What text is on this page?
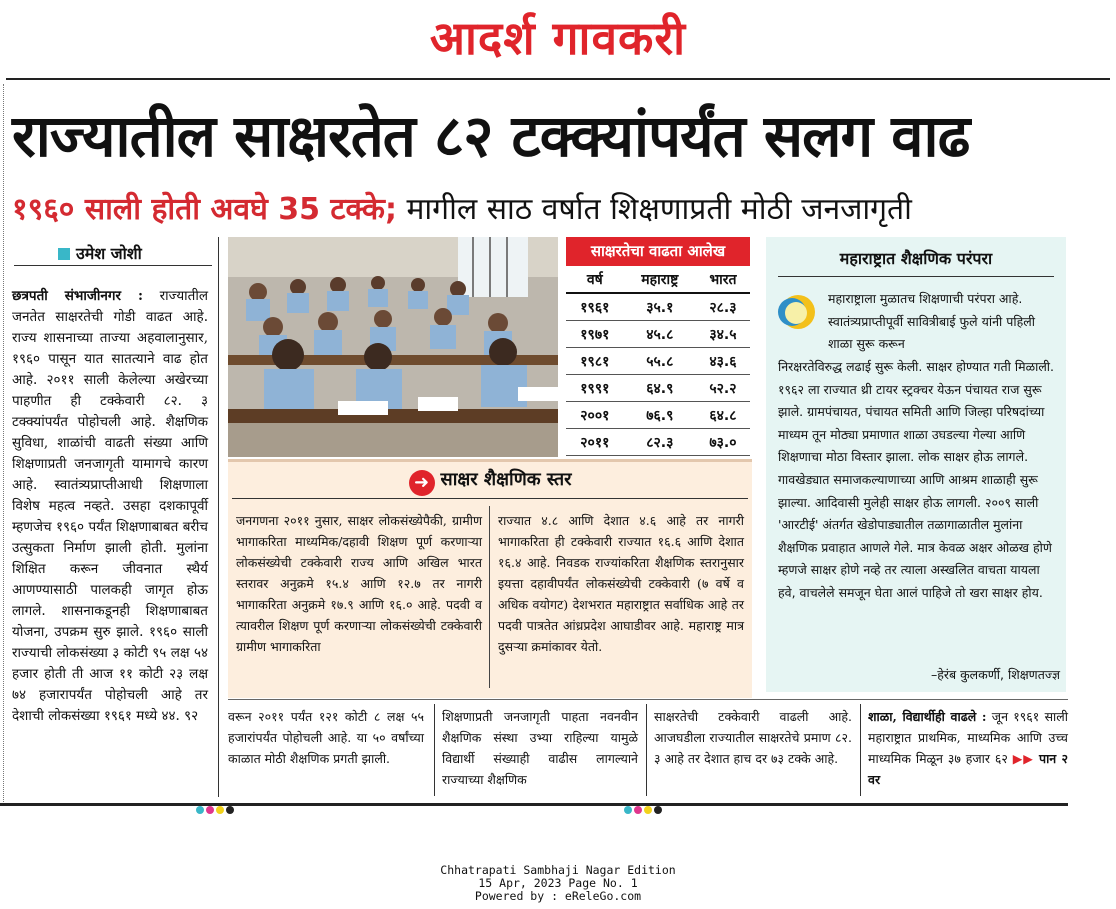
आदर्श गावकरी
राज्यातील साक्षरतेत ८२ टक्क्यांपर्यंत सलग वाढ
१९६० साली होती अवघे 35 टक्के; मागील साठ वर्षात शिक्षणाप्रती मोठी जनजागृती
उमेश जोशी
छत्रपती संभाजीनगर : राज्यातील जनतेत साक्षरतेची गोडी वाढत आहे. राज्य शासनाच्या ताज्या अहवालानुसार, १९६० पासून यात सातत्याने वाढ होत आहे. २०११ साली केलेल्या अखेरच्या पाहणीत ही टक्केवारी ८२. ३ टक्क्यांपर्यंत पोहोचली आहे. शैक्षणिक सुविधा, शाळांची वाढती संख्या आणि शिक्षणाप्रती जनजागृती यामागचे कारण आहे. स्वातंत्र्यप्राप्तीआधी शिक्षणाला विशेष महत्व नव्हते. उसहा दशकापूर्वी म्हणजेच १९६० पर्यंत शिक्षणाबाबत बरीच उत्सुकता निर्माण झाली होती. मुलांना शिक्षित करून जीवनात स्थैर्य आणण्यासाठी पालकही जागृत होऊ लागले. शासनाकडूनही शिक्षणाबाबत योजना, उपक्रम सुरु झाले. १९६० साली राज्याची लोकसंख्या ३ कोटी ९५ लक्ष ५४ हजार होती ती आज ११ कोटी २३ लक्ष ७४ हजारापर्यंत पोहोचली आहे तर देशाची लोकसंख्या १९६१ मध्ये ४४. ९२
साक्षरतेचा वाढता आलेख
वर्ष	महाराष्ट्र	भारत
१९६१	३५.१	२८.३
१९७१	४५.८	३४.५
१९८१	५५.८	४३.६
१९९१	६४.९	५२.२
२००१	७६.९	६४.८
२०११	८२.३	७३.०
➜ साक्षर शैक्षणिक स्तर
जनगणना २०११ नुसार, साक्षर लोकसंख्येपैकी, ग्रामीण भागाकरिता माध्यमिक/दहावी शिक्षण पूर्ण करणाऱ्या लोकसंख्येची टक्केवारी राज्य आणि अखिल भारत स्तरावर अनुक्रमे १५.४ आणि १२.७ तर नागरी भागाकरिता अनुक्रमे १७.९ आणि १६.० आहे. पदवी व त्यावरील शिक्षण पूर्ण करणाऱ्या लोकसंख्येची टक्केवारी ग्रामीण भागाकरिता
राज्यात ४.८ आणि देशात ४.६ आहे तर नागरी भागाकरिता ही टक्केवारी राज्यात १६.६ आणि देशात १६.४ आहे. निवडक राज्यांकरिता शैक्षणिक स्तरानुसार इयत्ता दहावीपर्यंत लोकसंख्येची टक्केवारी (७ वर्षे व अधिक वयोगट) देशभरात महाराष्ट्रात सर्वाधिक आहे तर पदवी पात्रतेत आंध्रप्रदेश आघाडीवर आहे. महाराष्ट्र मात्र दुसऱ्या क्रमांकावर येतो.
महाराष्ट्रात शैक्षणिक परंपरा
महाराष्ट्राला मुळातच शिक्षणाची परंपरा आहे. स्वातंत्र्यप्राप्तीपूर्वी सावित्रीबाई फुले यांनी पहिली शाळा सुरू करून
निरक्षरतेविरुद्ध लढाई सुरू केली. साक्षर होण्यात गती मिळाली. १९६२ ला राज्यात थ्री टायर स्ट्रक्चर येऊन पंचायत राज सुरू झाले. ग्रामपंचायत, पंचायत समिती आणि जिल्हा परिषदांच्या माध्यम तून मोठ्या प्रमाणात शाळा उघडल्या गेल्या आणि शिक्षणाचा मोठा विस्तार झाला. लोक साक्षर होऊ लागले. गावखेड्यात समाजकल्याणाच्या आणि आश्रम शाळाही सुरू झाल्या. आदिवासी मुलेही साक्षर होऊ लागली. २००९ साली 'आरटीई' अंतर्गत खेडोपाड्यातील तळागाळातील मुलांना शैक्षणिक प्रवाहात आणले गेले. मात्र केवळ अक्षर ओळख होणे म्हणजे साक्षर होणे नव्हे तर त्याला अस्खलित वाचता यायला हवे, वाचलेले समजून घेता आलं पाहिजे तो खरा साक्षर होय.
–हेरंब कुलकर्णी, शिक्षणतज्ज्ञ
वरून २०११ पर्यंत १२१ कोटी ८ लक्ष ५५ हजारांपर्यंत पोहोचली आहे. या ५० वर्षांच्या काळात मोठी शैक्षणिक प्रगती झाली.
शिक्षणाप्रती जनजागृती पाहता नवनवीन शैक्षणिक संस्था उभ्या राहिल्या यामुळे विद्यार्थी संख्याही वाढीस लागल्याने राज्याच्या शैक्षणिक
साक्षरतेची टक्केवारी वाढली आहे. आजघडीला राज्यातील साक्षरतेचे प्रमाण ८२. ३ आहे तर देशात हाच दर ७३ टक्के आहे.
शाळा, विद्यार्थीही वाढले : जून १९६१ साली महाराष्ट्रात प्राथमिक, माध्यमिक आणि उच्च माध्यमिक मिळून ३७ हजार ६२ ▶▶ पान २ वर
Chhatrapati Sambhaji Nagar Edition
15 Apr, 2023 Page No. 1
Powered by : eReleGo.com
